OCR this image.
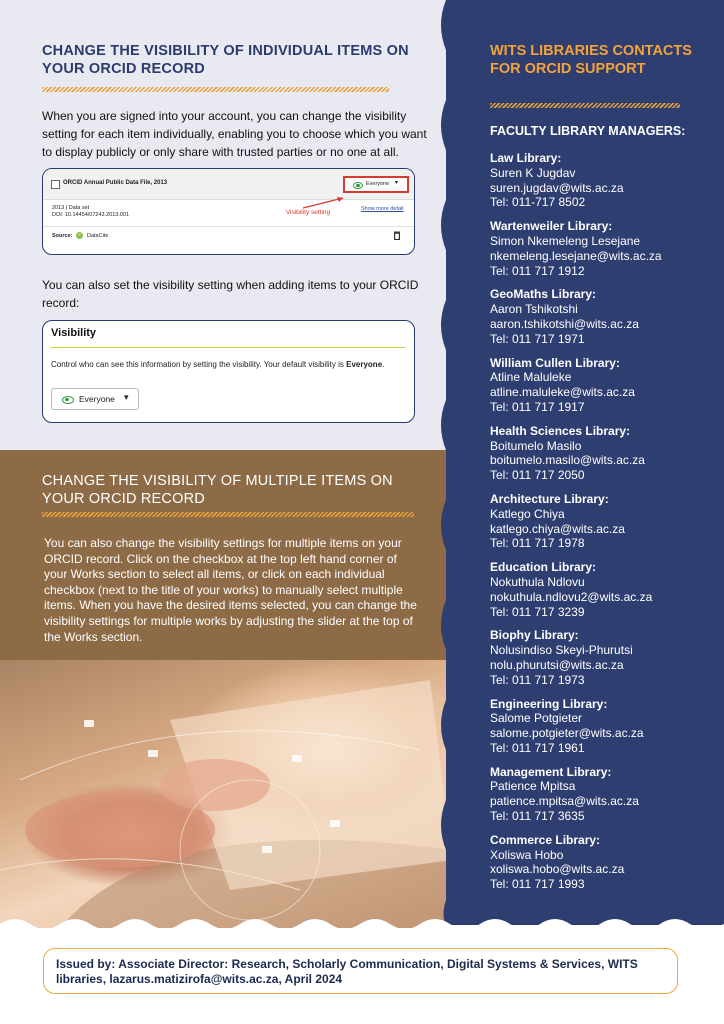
CHANGE THE VISIBILITY OF INDIVIDUAL ITEMS ON YOUR ORCID RECORD
When you are signed into your account, you can change the visibility setting for each item individually, enabling you to choose which you want to display publicly or only share with trusted parties or no one at all.
ORCID Annual Public Data File, 2013	Everyone ▾
2013 | Data set
DOI: 10.14454/07243.2013.001	Visibility setting	Show more detail
Source: ✓ DataCite
You can also set the visibility setting when adding items to your ORCID record:
Visibility
Control who can see this information by setting the visibility. Your default visibility is Everyone.
Everyone ▾
CHANGE THE VISIBILITY OF MULTIPLE ITEMS ON YOUR ORCID RECORD
You can also change the visibility settings for multiple items on your ORCID record. Click on the checkbox at the top left hand corner of your Works section to select all items, or click on each individual checkbox (next to the title of your works) to manually select multiple items. When you have the desired items selected, you can change the visibility settings for multiple works by adjusting the slider at the top of the Works section.
WITS LIBRARIES CONTACTS FOR ORCID SUPPORT
FACULTY LIBRARY MANAGERS:
Law Library:
Suren K Jugdav
suren.jugdav@wits.ac.za
Tel: 011-717 8502
Wartenweiler Library:
Simon Nkemeleng Lesejane
nkemeleng.lesejane@wits.ac.za
Tel: 011 717 1912
GeoMaths Library:
Aaron Tshikotshi
aaron.tshikotshi@wits.ac.za
Tel: 011 717 1971
William Cullen Library:
Atline Maluleke
atline.maluleke@wits.ac.za
Tel: 011 717 1917
Health Sciences Library:
Boitumelo Masilo
boitumelo.masilo@wits.ac.za
Tel: 011 717 2050
Architecture Library:
Katlego Chiya
katlego.chiya@wits.ac.za
Tel: 011 717 1978
Education Library:
Nokuthula Ndlovu
nokuthula.ndlovu2@wits.ac.za
Tel: 011 717 3239
Biophy Library:
Nolusindiso Skeyi-Phurutsi
nolu.phurutsi@wits.ac.za
Tel: 011 717 1973
Engineering Library:
Salome Potgieter
salome.potgieter@wits.ac.za
Tel: 011 717 1961
Management Library:
Patience Mpitsa
patience.mpitsa@wits.ac.za
Tel: 011 717 3635
Commerce Library:
Xoliswa Hobo
xoliswa.hobo@wits.ac.za
Tel: 011 717 1993
Issued by: Associate Director: Research, Scholarly Communication, Digital Systems & Services, WITS libraries, lazarus.matizirofa@wits.ac.za, April 2024
